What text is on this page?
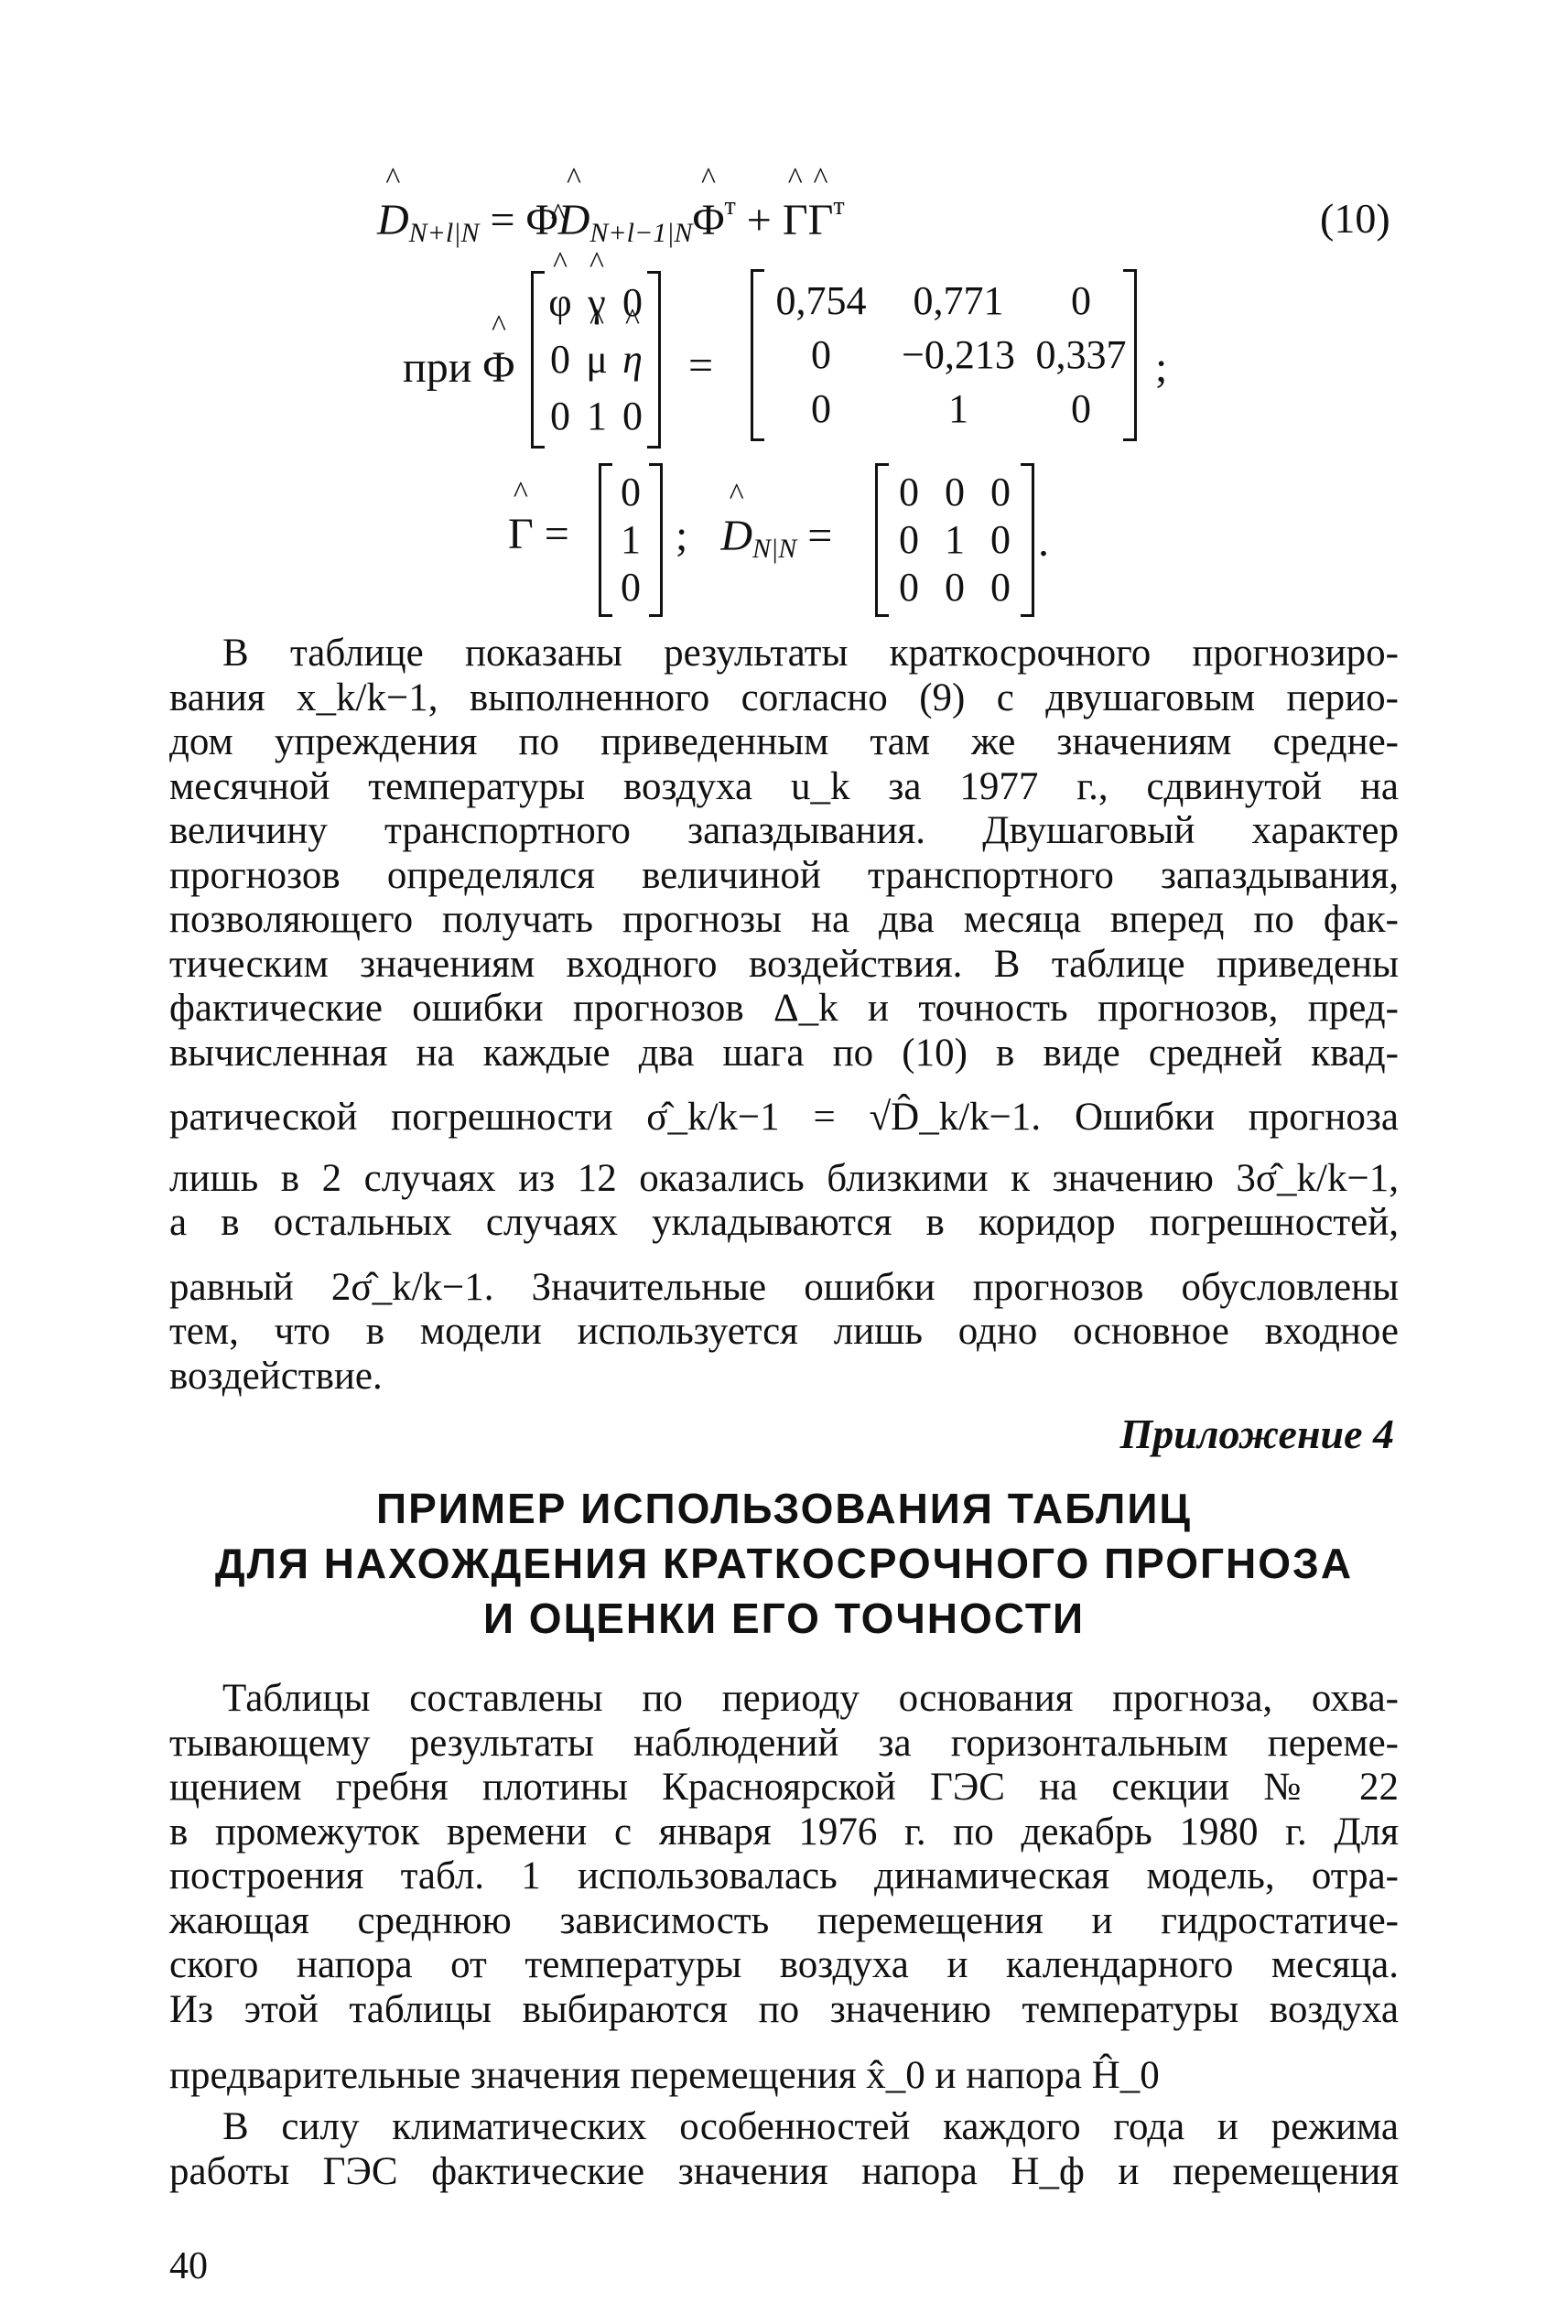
^ $D_{N+l|N}$ = Φ^ $D_{N+l-1|N}\^{}$ $\Phi^т$ + ^ Γ^ $\Gamma^т$	(10)
при ^ Φ
^ φ ^ γ 0
0 ^ μ ^ η
0 1 0
=
0,754	0,771	0
0	−0,213 0,337
0	1	0
;
^ Γ =
0
1
0
;   ^ $D_{N|N}$ =
0 0 0
0 1 0
0 0 0
.
В таблице показаны результаты краткосрочного прогнозиро-
вания x_k/k−1, выполненного согласно (9) с двушаговым перио-
дом упреждения по приведенным там же значениям средне-
месячной температуры воздуха u_k за 1977 г., сдвинутой на
величину транспортного запаздывания. Двушаговый характер
прогнозов определялся величиной транспортного запаздывания,
позволяющего получать прогнозы на два месяца вперед по фак-
тическим значениям входного воздействия. В таблице приведены
фактические ошибки прогнозов Δ_k и точность прогнозов, пред-
вычисленная на каждые два шага по (10) в виде средней квад-
ратической погрешности σ̂_k/k−1 = √D̂_k/k−1. Ошибки прогноза
лишь в 2 случаях из 12 оказались близкими к значению 3σ̂_k/k−1,
а в остальных случаях укладываются в коридор погрешностей,
равный 2σ̂_k/k−1. Значительные ошибки прогнозов обусловлены
тем, что в модели используется лишь одно основное входное
воздействие.
Приложение 4
ПРИМЕР ИСПОЛЬЗОВАНИЯ ТАБЛИЦ
ДЛЯ НАХОЖДЕНИЯ КРАТКОСРОЧНОГО ПРОГНОЗА
И ОЦЕНКИ ЕГО ТОЧНОСТИ
Таблицы составлены по периоду основания прогноза, охва-
тывающему результаты наблюдений за горизонтальным переме-
щением гребня плотины Красноярской ГЭС на секции № 22
в промежуток времени с января 1976 г. по декабрь 1980 г. Для
построения табл. 1 использовалась динамическая модель, отра-
жающая среднюю зависимость перемещения и гидростатиче-
ского напора от температуры воздуха и календарного месяца.
Из этой таблицы выбираются по значению температуры воздуха
предварительные значения перемещения x̂_0 и напора Ĥ_0
В силу климатических особенностей каждого года и режима
работы ГЭС фактические значения напора H_ф и перемещения
40
